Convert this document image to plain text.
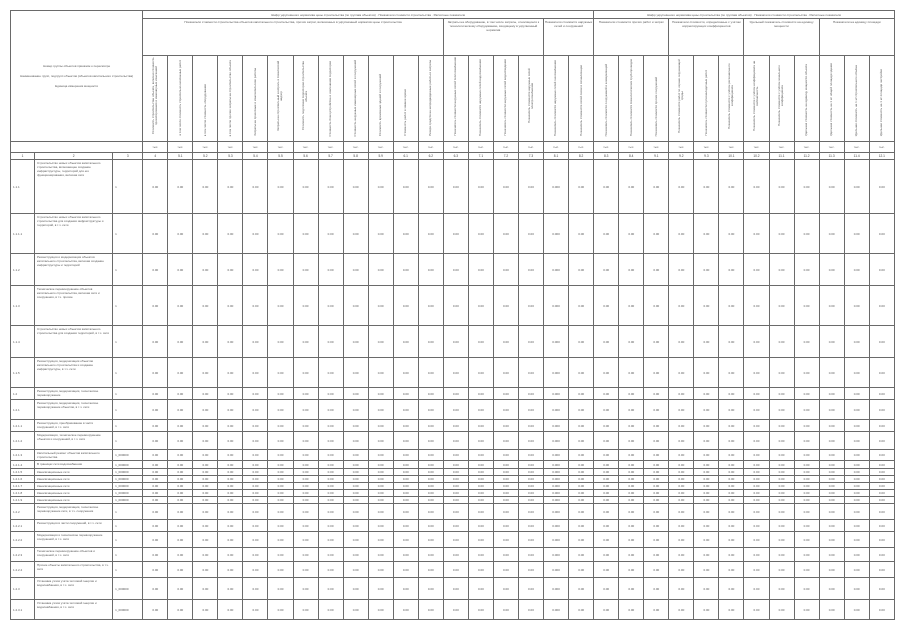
Номер группы объектов приказом о пересмотре
Наименование групп, подгрупп объектов (объектов капитального строительства)
Единица измерения мощности			Шифр укрупнённого норматива цены строительства (по группам объектов) · Показатели стоимости строительства · Расчётные показатели																		Шифр укрупнённого норматива цены строительства (по группам объектов) · Показатели стоимости строительства · Расчётные показатели											
			Показатели стоимости строительства объектов капитального строительства, прочих затрат, включённых в укрупнённый норматив цены строительства												Затраты на оборудование, в том числе затраты, относящиеся к технологическому оборудованию, входящему в укрупнённый норматив				Показатели стоимости наружных сетей и сооружений		Показатели стоимости прочих работ и затрат			Показатели стоимости, определённые с учётом корректирующих коэффициентов			Удельный показатель стоимости на единицу мощности			Показатели на единицу площади		
			Стоимость строительства объекта, включая стоимость проектирования и инженерных изысканий	в том числе стоимость строительно-монтажных работ	в том числе стоимость оборудования	в том числе прочие затраты на строительство объекта	Затраты на проектные и изыскательские работы	Затраты на строительный контроль и технический надзор	Стоимость подготовки территории строительства объекта	Стоимость благоустройства и озеленения территории	Стоимость наружных инженерных сетей и сооружений	Стоимость временных зданий и сооружений	Стоимость работ в зимнее время	Резерв средств на непредвиденные работы и затраты	Показатель стоимости наружных сетей теплоснабжения	Показатель стоимости наружных сетей водоснабжения	Показатель стоимости наружных сетей водоотведения	Показатель стоимости наружных сетей электроснабжения	Показатель стоимости наружных сетей газоснабжения	Показатель стоимости сетей связи и сигнализации	Показатель стоимости сооружений и коммуникаций	Показатель стоимости технологических трубопроводов	Показатель стоимости прочих сооружений	Показатель стоимости работ по охране окружающей среды	Показатель стоимости пусконаладочных работ	Показатель стоимости с учётом регионального коэффициента	Показатель стоимости с учётом коэффициента на сейсмичность	Показатель стоимости с учётом зонального коэффициента	Удельная стоимость на единицу мощности объекта	Удельная стоимость на 1 м² общей площади здания	Удельная стоимость на 1 м³ строительного объёма	Удельная стоимость на 1 м² площади застройки
			тыс.	тыс.	тыс.	тыс.	тыс.	тыс.	тыс.	тыс.	тыс.	тыс.	тыс.	тыс.	тыс.	тыс.	тыс.	тыс.	тыс.	тыс.	тыс.	тыс.	тыс.	тыс.	тыс.	тыс.	тыс.	тыс.	тыс.	тыс.	тыс.	тыс.
1	2	3	4	5.1	5.2	5.3	5.4	5.5	5.6	5.7	5.8	5.9	6.1	6.2	6.3	7.1	7.2	7.3	8.1	8.2	8.3	8.4	9.1	9.2	9.3	10.1	10.2	11.1	11.2	11.3	11.4	12.1
1.1.1	Строительство новых объектов капитального строительства, включающее создание инфраструктуры, территорий для его функционирования, включая сети	1	0.00	0.00	0.00	0.00	0.00	0.00	0.00	0.00	0.00	0.00	0.00	0.00	0.00	0.00	0.00	0.00	0.000	0.00	0.00	0.00	0.00	0.00	0.00	0.00	0.00	0.00	0.00	0.00	0.00	0.00
1.1.1.1	Строительство новых объектов капитального строительства для создания инфраструктуры и территорий, в т.ч. сети	1	0.00	0.00	0.00	0.00	0.00	0.00	0.00	0.00	0.00	0.00	0.00	0.00	0.00	0.00	0.00	0.00	0.000	0.00	0.00	0.00	0.00	0.00	0.00	0.00	0.00	0.00	0.00	0.00	0.00	0.00
1.1.2	Реконструкция и модернизация объектов капитального строительства, включая создание инфраструктуры и территорий	1	0.00	0.00	0.00	0.00	0.00	0.00	0.00	0.00	0.00	0.00	0.00	0.00	0.00	0.00	0.00	0.00	0.000	0.00	0.00	0.00	0.00	0.00	0.00	0.00	0.00	0.00	0.00	0.00	0.00	0.00
1.1.3	Техническое перевооружение объектов капитального строительства, включая сети и сооружения, в т.ч. прочие	1	0.00	0.00	0.00	0.00	0.00	0.00	0.00	0.00	0.00	0.00	0.00	0.00	0.00	0.00	0.00	0.00	0.000	0.00	0.00	0.00	0.00	0.00	0.00	0.00	0.00	0.00	0.00	0.00	0.00	0.00
1.1.4	Строительство новых объектов капитального строительства для создания территорий, в т.ч. сети	1	0.00	0.00	0.00	0.00	0.00	0.00	0.00	0.00	0.00	0.00	0.00	0.00	0.00	0.00	0.00	0.00	0.000	0.00	0.00	0.00	0.00	0.00	0.00	0.00	0.00	0.00	0.00	0.00	0.00	0.00
1.1.5	Реконструкция, модернизация объектов капитального строительства и создание инфраструктуры, в т.ч. сети	1	0.00	0.00	0.00	0.00	0.00	0.00	0.00	0.00	0.00	0.00	0.00	0.00	0.00	0.00	0.00	0.00	0.000	0.00	0.00	0.00	0.00	0.00	0.00	0.00	0.00	0.00	0.00	0.00	0.00	0.00
1.2	Реконструкция, модернизация, техническое перевооружение	1	0.00	0.00	0.00	0.00	0.00	0.00	0.00	0.00	0.00	0.00	0.00	0.00	0.00	0.00	0.00	0.00	0.000	0.00	0.00	0.00	0.00	0.00	0.00	0.00	0.00	0.00	0.00	0.00	0.00	0.00
1.2.1	Реконструкция, модернизация, техническое перевооружение объектов, в т.ч. сети	1	0.00	0.00	0.00	0.00	0.00	0.00	0.00	0.00	0.00	0.00	0.00	0.00	0.00	0.00	0.00	0.00	0.000	0.00	0.00	0.00	0.00	0.00	0.00	0.00	0.00	0.00	0.00	0.00	0.00	0.00
1.2.1.1	Реконструкция, преобразование в части сооружений, в т.ч. сети	1	0.00	0.00	0.00	0.00	0.00	0.00	0.00	0.00	0.00	0.00	0.00	0.00	0.00	0.00	0.00	0.00	0.000	0.00	0.00	0.00	0.00	0.00	0.00	0.00	0.00	0.00	0.00	0.00	0.00	0.00
1.2.1.2	Модернизация, техническое перевооружение объектов и сооружений, в т.ч. сети	1	0.00	0.00	0.00	0.00	0.00	0.00	0.00	0.00	0.00	0.00	0.00	0.00	0.00	0.00	0.00	0.00	0.000	0.00	0.00	0.00	0.00	0.00	0.00	0.00	0.00	0.00	0.00	0.00	0.00	0.00
1.2.1.3	Капитальный ремонт объектов капитального строительства	1_000000	0.00	0.00	0.00	0.00	0.00	0.00	0.00	0.00	0.00	0.00	0.00	0.00	0.00	0.00	0.00	0.00	0.000	0.00	0.00	0.00	0.00	0.00	0.00	0.00	0.00	0.00	0.00	0.00	0.00	0.00
1.2.1.4	В границах сети водоснабжения	1_000000	0.00	0.00	0.00	0.00	0.00	0.00	0.00	0.00	0.00	0.00	0.00	0.00	0.00	0.00	0.00	0.00	0.000	0.00	0.00	0.00	0.00	0.00	0.00	0.00	0.00	0.00	0.00	0.00	0.00	0.00
1.2.1.5	Канализационные сети	1_000000	0.00	0.00	0.00	0.00	0.00	0.00	0.00	0.00	0.00	0.00	0.00	0.00	0.00	0.00	0.00	0.00	0.000	0.00	0.00	0.00	0.00	0.00	0.00	0.00	0.00	0.00	0.00	0.00	0.00	0.00
1.2.1.6	Канализационные сети	1_000000	0.00	0.00	0.00	0.00	0.00	0.00	0.00	0.00	0.00	0.00	0.00	0.00	0.00	0.00	0.00	0.00	0.000	0.00	0.00	0.00	0.00	0.00	0.00	0.00	0.00	0.00	0.00	0.00	0.00	0.00
1.2.1.7	Канализационные сети	1_000000	0.00	0.00	0.00	0.00	0.00	0.00	0.00	0.00	0.00	0.00	0.00	0.00	0.00	0.00	0.00	0.00	0.000	0.00	0.00	0.00	0.00	0.00	0.00	0.00	0.00	0.00	0.00	0.00	0.00	0.00
1.2.1.8	Канализационные сети	1_000000	0.00	0.00	0.00	0.00	0.00	0.00	0.00	0.00	0.00	0.00	0.00	0.00	0.00	0.00	0.00	0.00	0.000	0.00	0.00	0.00	0.00	0.00	0.00	0.00	0.00	0.00	0.00	0.00	0.00	0.00
1.2.1.9	Канализационные сети	1_000000	0.00	0.00	0.00	0.00	0.00	0.00	0.00	0.00	0.00	0.00	0.00	0.00	0.00	0.00	0.00	0.00	0.000	0.00	0.00	0.00	0.00	0.00	0.00	0.00	0.00	0.00	0.00	0.00	0.00	0.00
1.2.2	Реконструкция, модернизация, техническое перевооружение сети, в т.ч. сооружения	1	0.00	0.00	0.00	0.00	0.00	0.00	0.00	0.00	0.00	0.00	0.00	0.00	0.00	0.00	0.00	0.00	0.000	0.00	0.00	0.00	0.00	0.00	0.00	0.00	0.00	0.00	0.00	0.00	0.00	0.00
1.2.2.1	Реконструкция в части сооружений, в т.ч. сети	1	0.00	0.00	0.00	0.00	0.00	0.00	0.00	0.00	0.00	0.00	0.00	0.00	0.00	0.00	0.00	0.00	0.000	0.00	0.00	0.00	0.00	0.00	0.00	0.00	0.00	0.00	0.00	0.00	0.00	0.00
1.2.2.2	Модернизация и техническое перевооружение сооружений, в т.ч. сети	1	0.00	0.00	0.00	0.00	0.00	0.00	0.00	0.00	0.00	0.00	0.00	0.00	0.00	0.00	0.00	0.00	0.000	0.00	0.00	0.00	0.00	0.00	0.00	0.00	0.00	0.00	0.00	0.00	0.00	0.00
1.2.2.3	Техническое перевооружение объектов и сооружений, в т.ч. сети	1	0.00	0.00	0.00	0.00	0.00	0.00	0.00	0.00	0.00	0.00	0.00	0.00	0.00	0.00	0.00	0.00	0.000	0.00	0.00	0.00	0.00	0.00	0.00	0.00	0.00	0.00	0.00	0.00	0.00	0.00
1.2.2.4	Прочие объекты капитального строительства, в т.ч. сети	1	0.00	0.00	0.00	0.00	0.00	0.00	0.00	0.00	0.00	0.00	0.00	0.00	0.00	0.00	0.00	0.00	0.000	0.00	0.00	0.00	0.00	0.00	0.00	0.00	0.00	0.00	0.00	0.00	0.00	0.00
1.2.3	Установка узлов учёта тепловой энергии и водоснабжения, в т.ч. сети	1_000000	0.00	0.00	0.00	0.00	0.00	0.00	0.00	0.00	0.00	0.00	0.00	0.00	0.00	0.00	0.00	0.00	0.000	0.00	0.00	0.00	0.00	0.00	0.00	0.00	0.00	0.00	0.00	0.00	0.00	0.00
1.2.3.1	Установка узлов учёта тепловой энергии и водоснабжения, в т.ч. сети	1_000000	0.00	0.00	0.00	0.00	0.00	0.00	0.00	0.00	0.00	0.00	0.00	0.00	0.00	0.00	0.00	0.00	0.000	0.00	0.00	0.00	0.00	0.00	0.00	0.00	0.00	0.00	0.00	0.00	0.00	0.00
